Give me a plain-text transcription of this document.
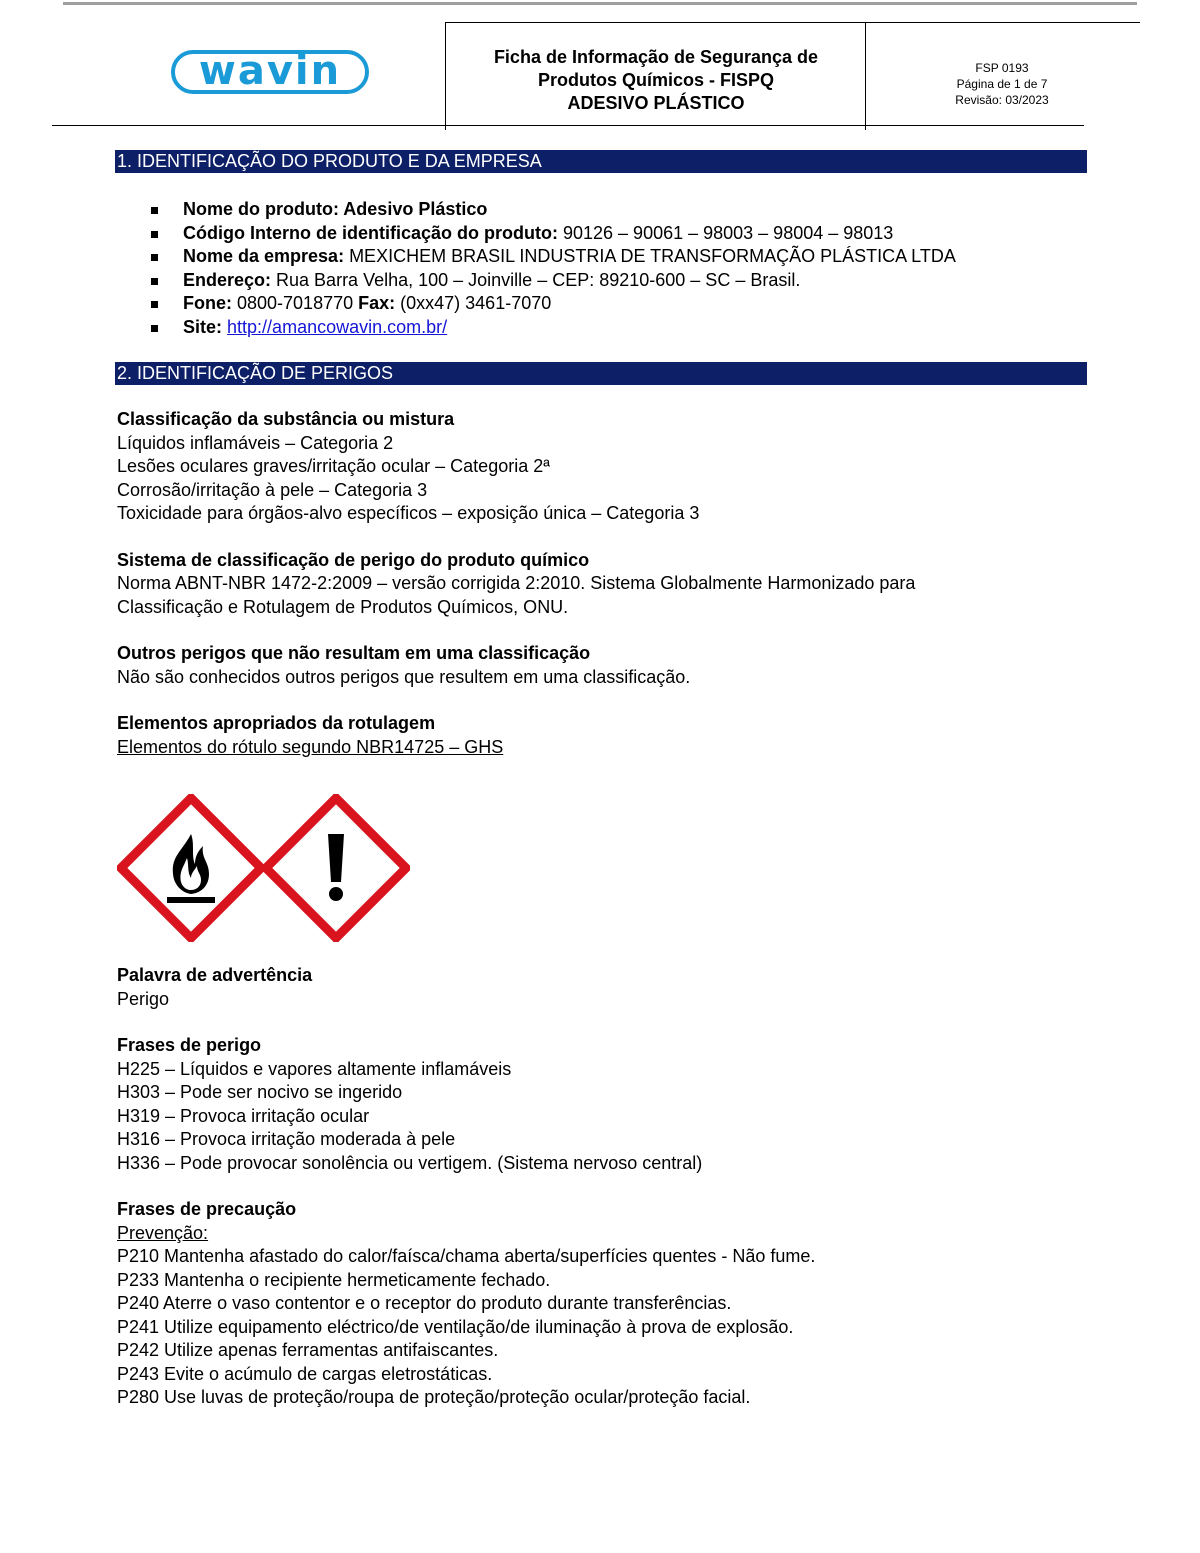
wavin	Ficha de Informação de Segurança de
Produtos Químicos - FISPQ
ADESIVO PLÁSTICO
FSP 0193
Página de 1 de 7
Revisão: 03/2023
1. IDENTIFICAÇÃO DO PRODUTO E DA EMPRESA
Nome do produto: Adesivo Plástico
Código Interno de identificação do produto: 90126 – 90061 – 98003 – 98004 – 98013
Nome da empresa: MEXICHEM BRASIL INDUSTRIA DE TRANSFORMAÇÃO PLÁSTICA LTDA
Endereço: Rua Barra Velha, 100 – Joinville – CEP: 89210-600 – SC – Brasil.
Fone: 0800-7018770 Fax: (0xx47) 3461-7070
Site: http://amancowavin.com.br/
2. IDENTIFICAÇÃO DE PERIGOS

Classificação da substância ou mistura

Líquidos inflamáveis – Categoria 2

Lesões oculares graves/irritação ocular – Categoria 2ª

Corrosão/irritação à pele – Categoria 3

Toxicidade para órgãos-alvo específicos – exposição única – Categoria 3

Sistema de classificação de perigo do produto químico

Norma ABNT-NBR 1472-2:2009 – versão corrigida 2:2010. Sistema Globalmente Harmonizado para

Classificação e Rotulagem de Produtos Químicos, ONU.

Outros perigos que não resultam em uma classificação

Não são conhecidos outros perigos que resultem em uma classificação.

Elementos apropriados da rotulagem

Elementos do rótulo segundo NBR14725 – GHS

Palavra de advertência

Perigo

Frases de perigo

H225 – Líquidos e vapores altamente inflamáveis

H303 – Pode ser nocivo se ingerido

H319 – Provoca irritação ocular

H316 – Provoca irritação moderada à pele

H336 – Pode provocar sonolência ou vertigem. (Sistema nervoso central)

Frases de precaução

Prevenção:

P210 Mantenha afastado do calor/faísca/chama aberta/superfícies quentes - Não fume.

P233 Mantenha o recipiente hermeticamente fechado.

P240 Aterre o vaso contentor e o receptor do produto durante transferências.

P241 Utilize equipamento eléctrico/de ventilação/de iluminação à prova de explosão.

P242 Utilize apenas ferramentas antifaiscantes.

P243 Evite o acúmulo de cargas eletrostáticas.

P280 Use luvas de proteção/roupa de proteção/proteção ocular/proteção facial.
